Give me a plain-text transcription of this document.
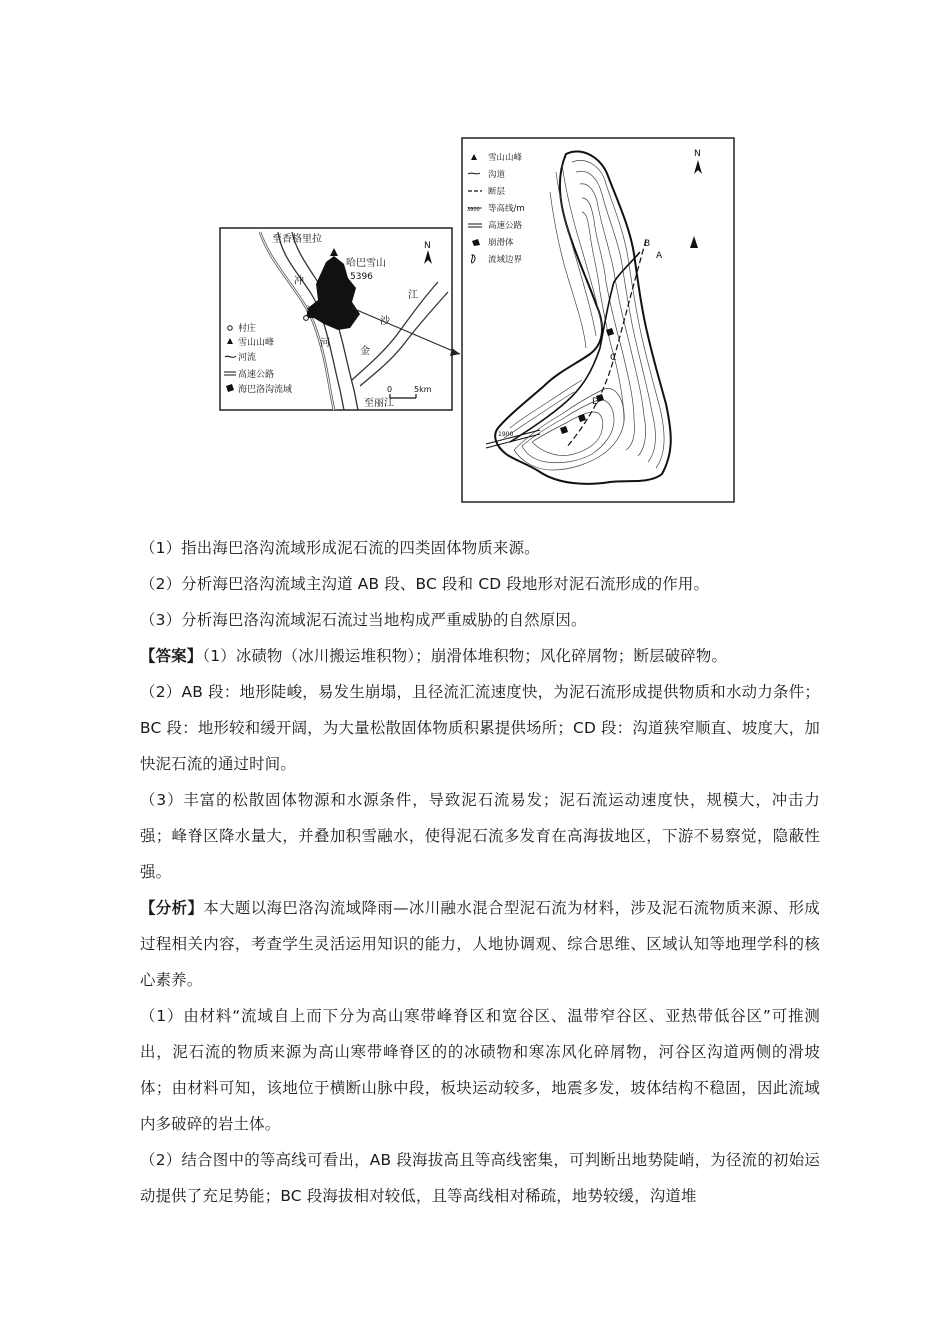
至香格里拉
哈巴雪山
5396
冲
江
河
沙
金
江
至丽江
N
0	5km
村庄
雪山山峰
河流
高速公路
海巴洛沟流域
A
B
C
D
1900
N
雪山山峰
沟道
断层
3900 等高线/m
高速公路
崩滑体
流域边界

（1）指出海巴洛沟流域形成泥石流的四类固体物质来源。

（2）分析海巴洛沟流域主沟道 AB 段、BC 段和 CD 段地形对泥石流形成的作用。

（3）分析海巴洛沟流域泥石流过当地构成严重威胁的自然原因。

【答案】（1）冰碛物（冰川搬运堆积物）；崩滑体堆积物；风化碎屑物；断层破碎物。

（2）AB 段：地形陡峻，易发生崩塌，且径流汇流速度快，为泥石流形成提供物质和水动力条件；BC 段：地形较和缓开阔，为大量松散固体物质积累提供场所；CD 段：沟道狭窄顺直、坡度大，加快泥石流的通过时间。

（3）丰富的松散固体物源和水源条件，导致泥石流易发；泥石流运动速度快，规模大，冲击力强；峰脊区降水量大，并叠加积雪融水，使得泥石流多发育在高海拔地区，下游不易察觉，隐蔽性强。

【分析】本大题以海巴洛沟流域降雨—冰川融水混合型泥石流为材料，涉及泥石流物质来源、形成过程相关内容，考查学生灵活运用知识的能力，人地协调观、综合思维、区域认知等地理学科的核心素养。

（1）由材料“流域自上而下分为高山寒带峰脊区和宽谷区、温带窄谷区、亚热带低谷区”可推测出，泥石流的物质来源为高山寒带峰脊区的的冰碛物和寒冻风化碎屑物，河谷区沟道两侧的滑坡体；由材料可知，该地位于横断山脉中段，板块运动较多，地震多发，坡体结构不稳固，因此流域内多破碎的岩土体。

（2）结合图中的等高线可看出，AB 段海拔高且等高线密集，可判断出地势陡峭，为径流的初始运动提供了充足势能；BC 段海拔相对较低，且等高线相对稀疏，地势较缓，沟道堆
